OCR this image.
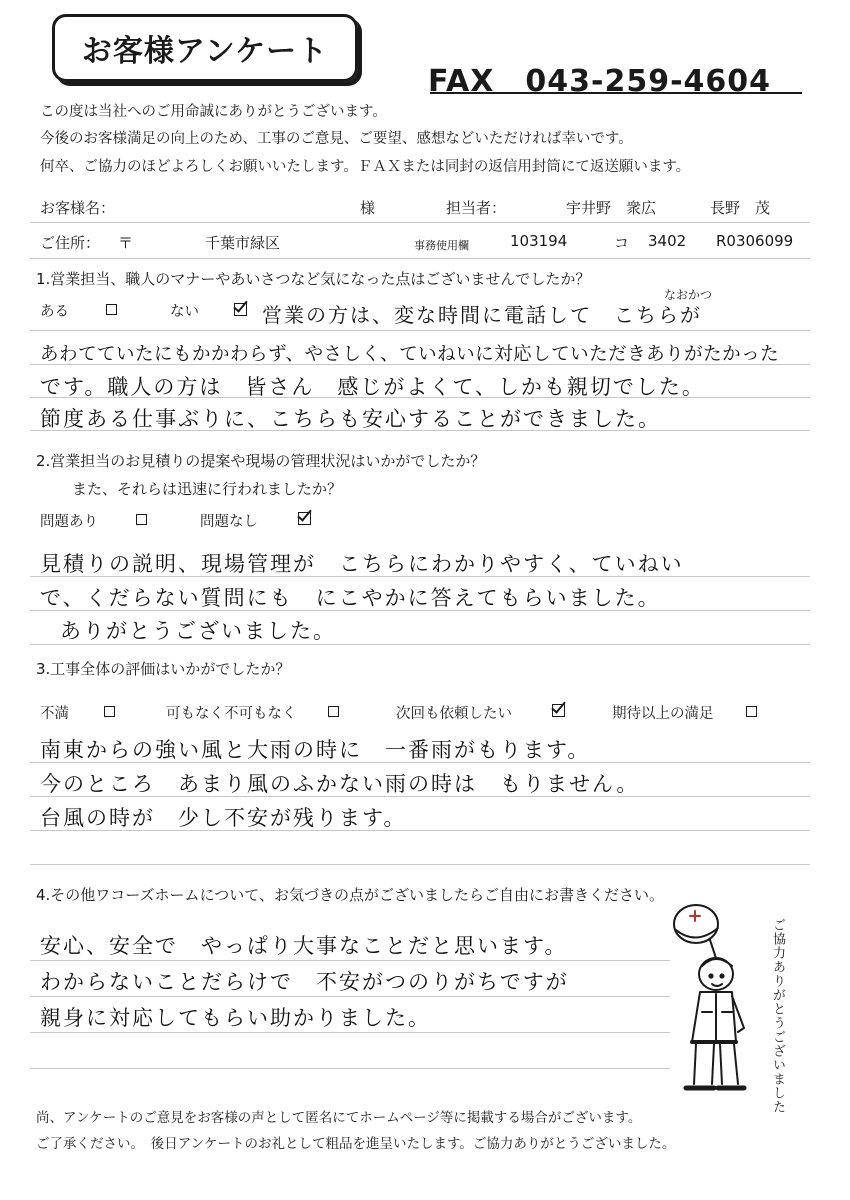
お客様アンケート
FAX　043-259-4604
この度は当社へのご用命誠にありがとうございます。
今後のお客様満足の向上のため、工事のご意見、ご要望、感想などいただければ幸いです。
何卒、ご協力のほどよろしくお願いいたします。ＦＡＸまたは同封の返信用封筒にて返送願います。
お客様名：	様	担当者：	宇井野　衆広	長野　茂
ご住所： 〒	千葉市緑区	事務使用欄	103194	コ 3402 R0306099
1.営業担当、職人のマナーやあいさつなど気になった点はございませんでしたか？
ある	ない
なおかつ
営業の方は、変な時間に電話して　こちらが
あわてていたにもかかわらず、やさしく、ていねいに対応していただきありがたかった
です。職人の方は　皆さん　感じがよくて、しかも親切でした。
節度ある仕事ぶりに、こちらも安心することができました。
2.営業担当のお見積りの提案や現場の管理状況はいかがでしたか？
また、それらは迅速に行われましたか？
問題あり	問題なし
見積りの説明、現場管理が　こちらにわかりやすく、ていねい
で、くだらない質問にも　にこやかに答えてもらいました。
ありがとうございました。
3.工事全体の評価はいかがでしたか？
不満	可もなく不可もなく	次回も依頼したい	期待以上の満足
南東からの強い風と大雨の時に　一番雨がもります。
今のところ　あまり風のふかない雨の時は　もりません。
台風の時が　少し不安が残ります。
4.その他ワコーズホームについて、お気づきの点がございましたらご自由にお書きください。
安心、安全で　やっぱり大事なことだと思います。
わからないことだらけで　不安がつのりがちですが
親身に対応してもらい助かりました。	ご協力ありがとうございました
尚、アンケートのご意見をお客様の声として匿名にてホームページ等に掲載する場合がございます。
ご了承ください。　後日アンケートのお礼として粗品を進呈いたします。ご協力ありがとうございました。
